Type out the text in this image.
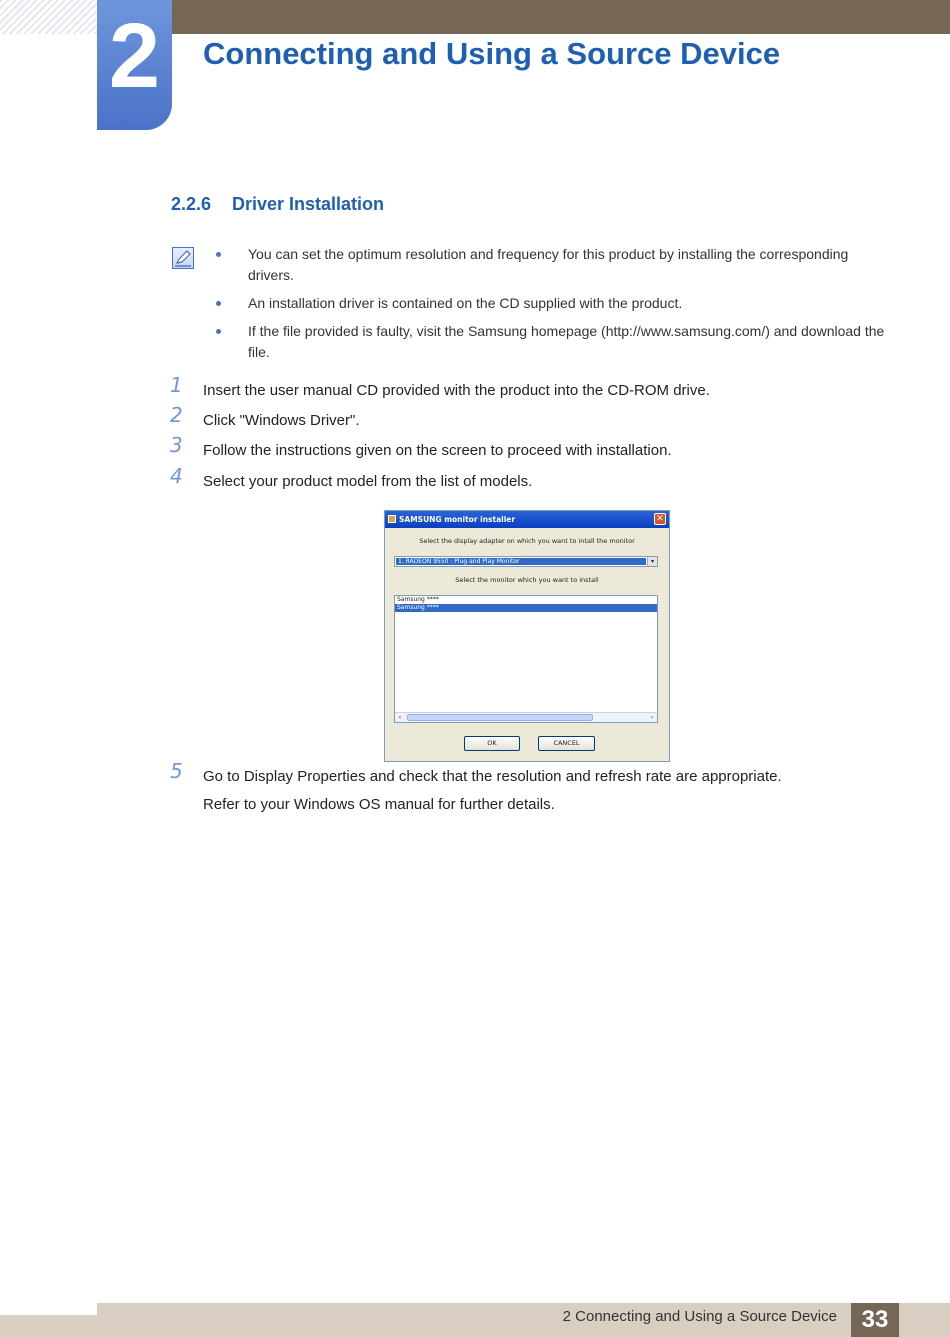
2	Connecting and Using a Source Device
2.2.6 Driver Installation
You can set the optimum resolution and frequency for this product by installing the corresponding drivers.
An installation driver is contained on the CD supplied with the product.
If the file provided is faulty, visit the Samsung homepage (http://www.samsung.com/) and download the file.
1 Insert the user manual CD provided with the product into the CD-ROM drive.
2 Click "Windows Driver".
3 Follow the instructions given on the screen to proceed with installation.
4 Select your product model from the list of models.
SAMSUNG monitor installer	✕
Select the display adapter on which you want to intall the monitor
1. RADEON 9550 : Plug and Play Monitor	▾
Select the monitor which you want to install
Samsung ****
Samsung ****
‹	›
OK	CANCEL
5 Go to Display Properties and check that the resolution and refresh rate are appropriate.
Refer to your Windows OS manual for further details.
2 Connecting and Using a Source Device	33
